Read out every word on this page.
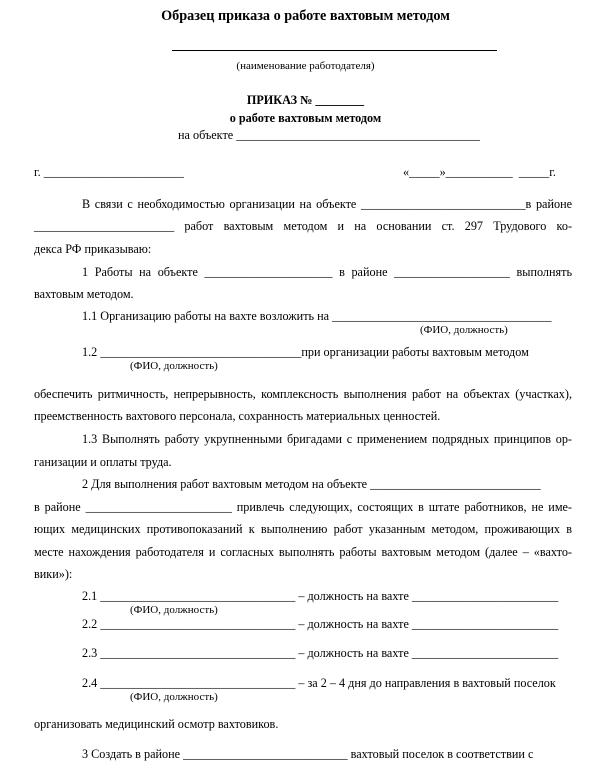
Образец приказа о работе вахтовым методом
(наименование работодателя)
ПРИКАЗ № ________
о работе вахтовым методом
на объекте ________________________________________
г. _______________________	«_____»___________  _____г.
В связи с необходимостью организации на объекте ___________________________в районе
_______________________ работ вахтовым методом и на основании ст. 297 Трудового ко-
декса РФ приказываю:
1 Работы на объекте _____________________ в районе ___________________ выполнять
вахтовым методом.
1.1 Организацию работы на вахте возложить на ____________________________________
(ФИО, должность)
1.2 _________________________________при организации работы вахтовым методом
(ФИО, должность)
обеспечить ритмичность, непрерывность, комплексность выполнения работ на объектах (участках),
преемственность вахтового персонала, сохранность материальных ценностей.
1.3 Выполнять работу укрупненными бригадами с применением подрядных принципов ор-
ганизации и оплаты труда.
2 Для выполнения работ вахтовым методом на объекте ____________________________
в районе ________________________ привлечь следующих, состоящих в штате работников, не име-
ющих медицинских противопоказаний к выполнению работ указанным методом, проживающих в
месте нахождения работодателя и согласных выполнять работы вахтовым методом (далее – «вахто-
вики»):
2.1 ________________________________ – должность на вахте ________________________
(ФИО, должность)
2.2 ________________________________ – должность на вахте ________________________
2.3 ________________________________ – должность на вахте ________________________
2.4 ________________________________ – за 2 – 4 дня до направления в вахтовый поселок
(ФИО, должность)
организовать медицинский осмотр вахтовиков.
3 Создать в районе ___________________________ вахтовый поселок в соответствии с
